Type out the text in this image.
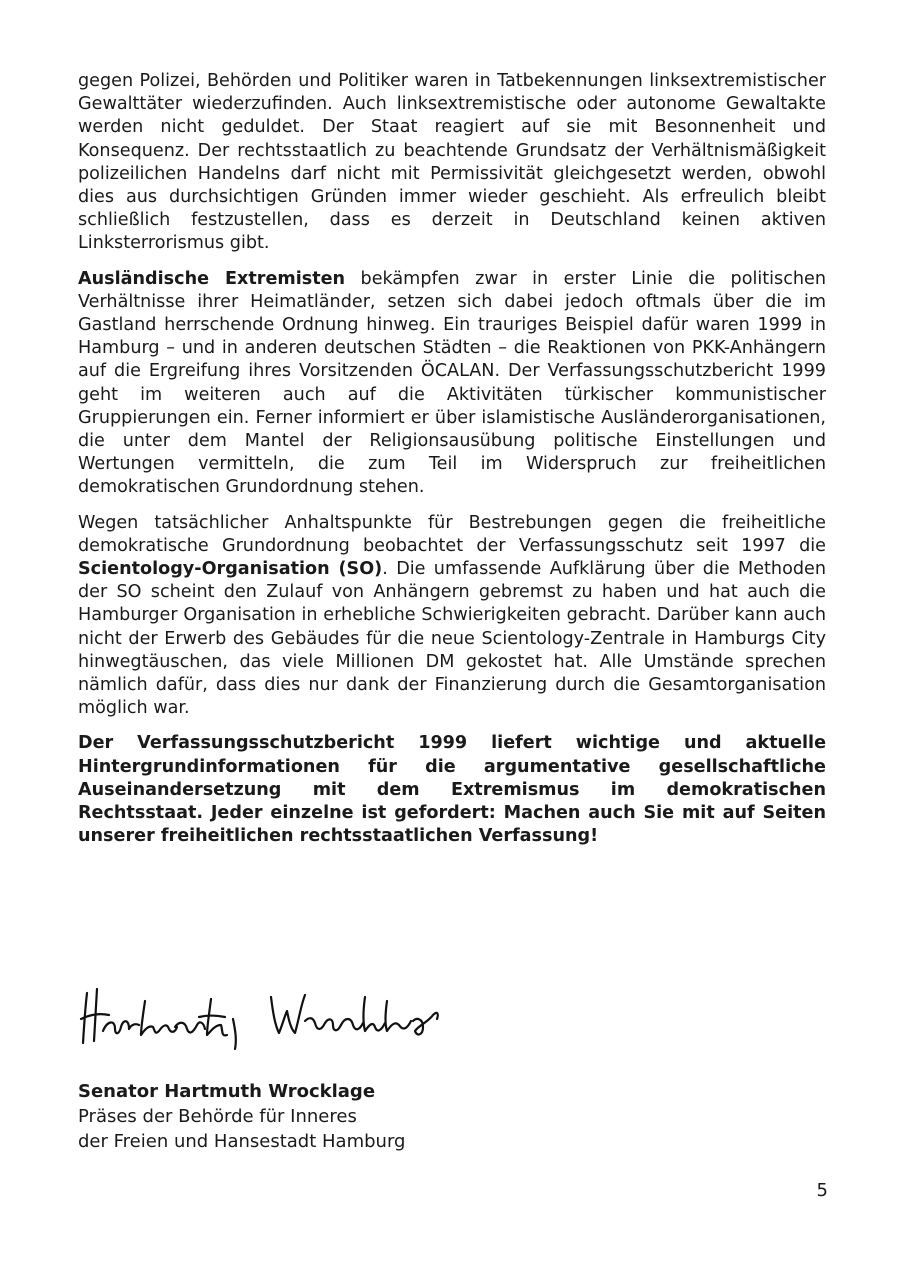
gegen Polizei, Behörden und Politiker waren in Tatbekennungen linksextremistischer Gewalttäter wiederzufinden. Auch linksextremistische oder autonome Gewaltakte werden nicht geduldet. Der Staat reagiert auf sie mit Besonnenheit und Konsequenz. Der rechtsstaatlich zu beachtende Grundsatz der Verhältnismäßigkeit polizeilichen Handelns darf nicht mit Permissivität gleichgesetzt werden, obwohl dies aus durchsichtigen Gründen immer wieder geschieht. Als erfreulich bleibt schließlich festzustellen, dass es derzeit in Deutschland keinen aktiven Linksterrorismus gibt.

Ausländische Extremisten bekämpfen zwar in erster Linie die politischen Verhältnisse ihrer Heimatländer, setzen sich dabei jedoch oftmals über die im Gastland herrschende Ordnung hinweg. Ein trauriges Beispiel dafür waren 1999 in Hamburg – und in anderen deutschen Städten – die Reaktionen von PKK-Anhängern auf die Ergreifung ihres Vorsitzenden ÖCALAN. Der Verfassungsschutzbericht 1999 geht im weiteren auch auf die Aktivitäten türkischer kommunistischer Gruppierungen ein. Ferner informiert er über islamistische Ausländerorganisationen, die unter dem Mantel der Religionsausübung politische Einstellungen und Wertungen vermitteln, die zum Teil im Widerspruch zur freiheitlichen demokratischen Grundordnung stehen.

Wegen tatsächlicher Anhaltspunkte für Bestrebungen gegen die freiheitliche demokratische Grundordnung beobachtet der Verfassungsschutz seit 1997 die Scientology-Organisation (SO). Die umfassende Aufklärung über die Methoden der SO scheint den Zulauf von Anhängern gebremst zu haben und hat auch die Hamburger Organisation in erhebliche Schwierigkeiten gebracht. Darüber kann auch nicht der Erwerb des Gebäudes für die neue Scientology-Zentrale in Hamburgs City hinwegtäuschen, das viele Millionen DM gekostet hat. Alle Umstände sprechen nämlich dafür, dass dies nur dank der Finanzierung durch die Gesamtorganisation möglich war.

Der Verfassungsschutzbericht 1999 liefert wichtige und aktuelle Hintergrundinformationen für die argumentative gesellschaftliche Auseinandersetzung mit dem Extremismus im demokratischen Rechtsstaat. Jeder einzelne ist gefordert: Machen auch Sie mit auf Seiten unserer freiheitlichen rechtsstaatlichen Verfassung!

Senator Hartmuth Wrocklage
Präses der Behörde für Inneres
der Freien und Hansestadt Hamburg
5
